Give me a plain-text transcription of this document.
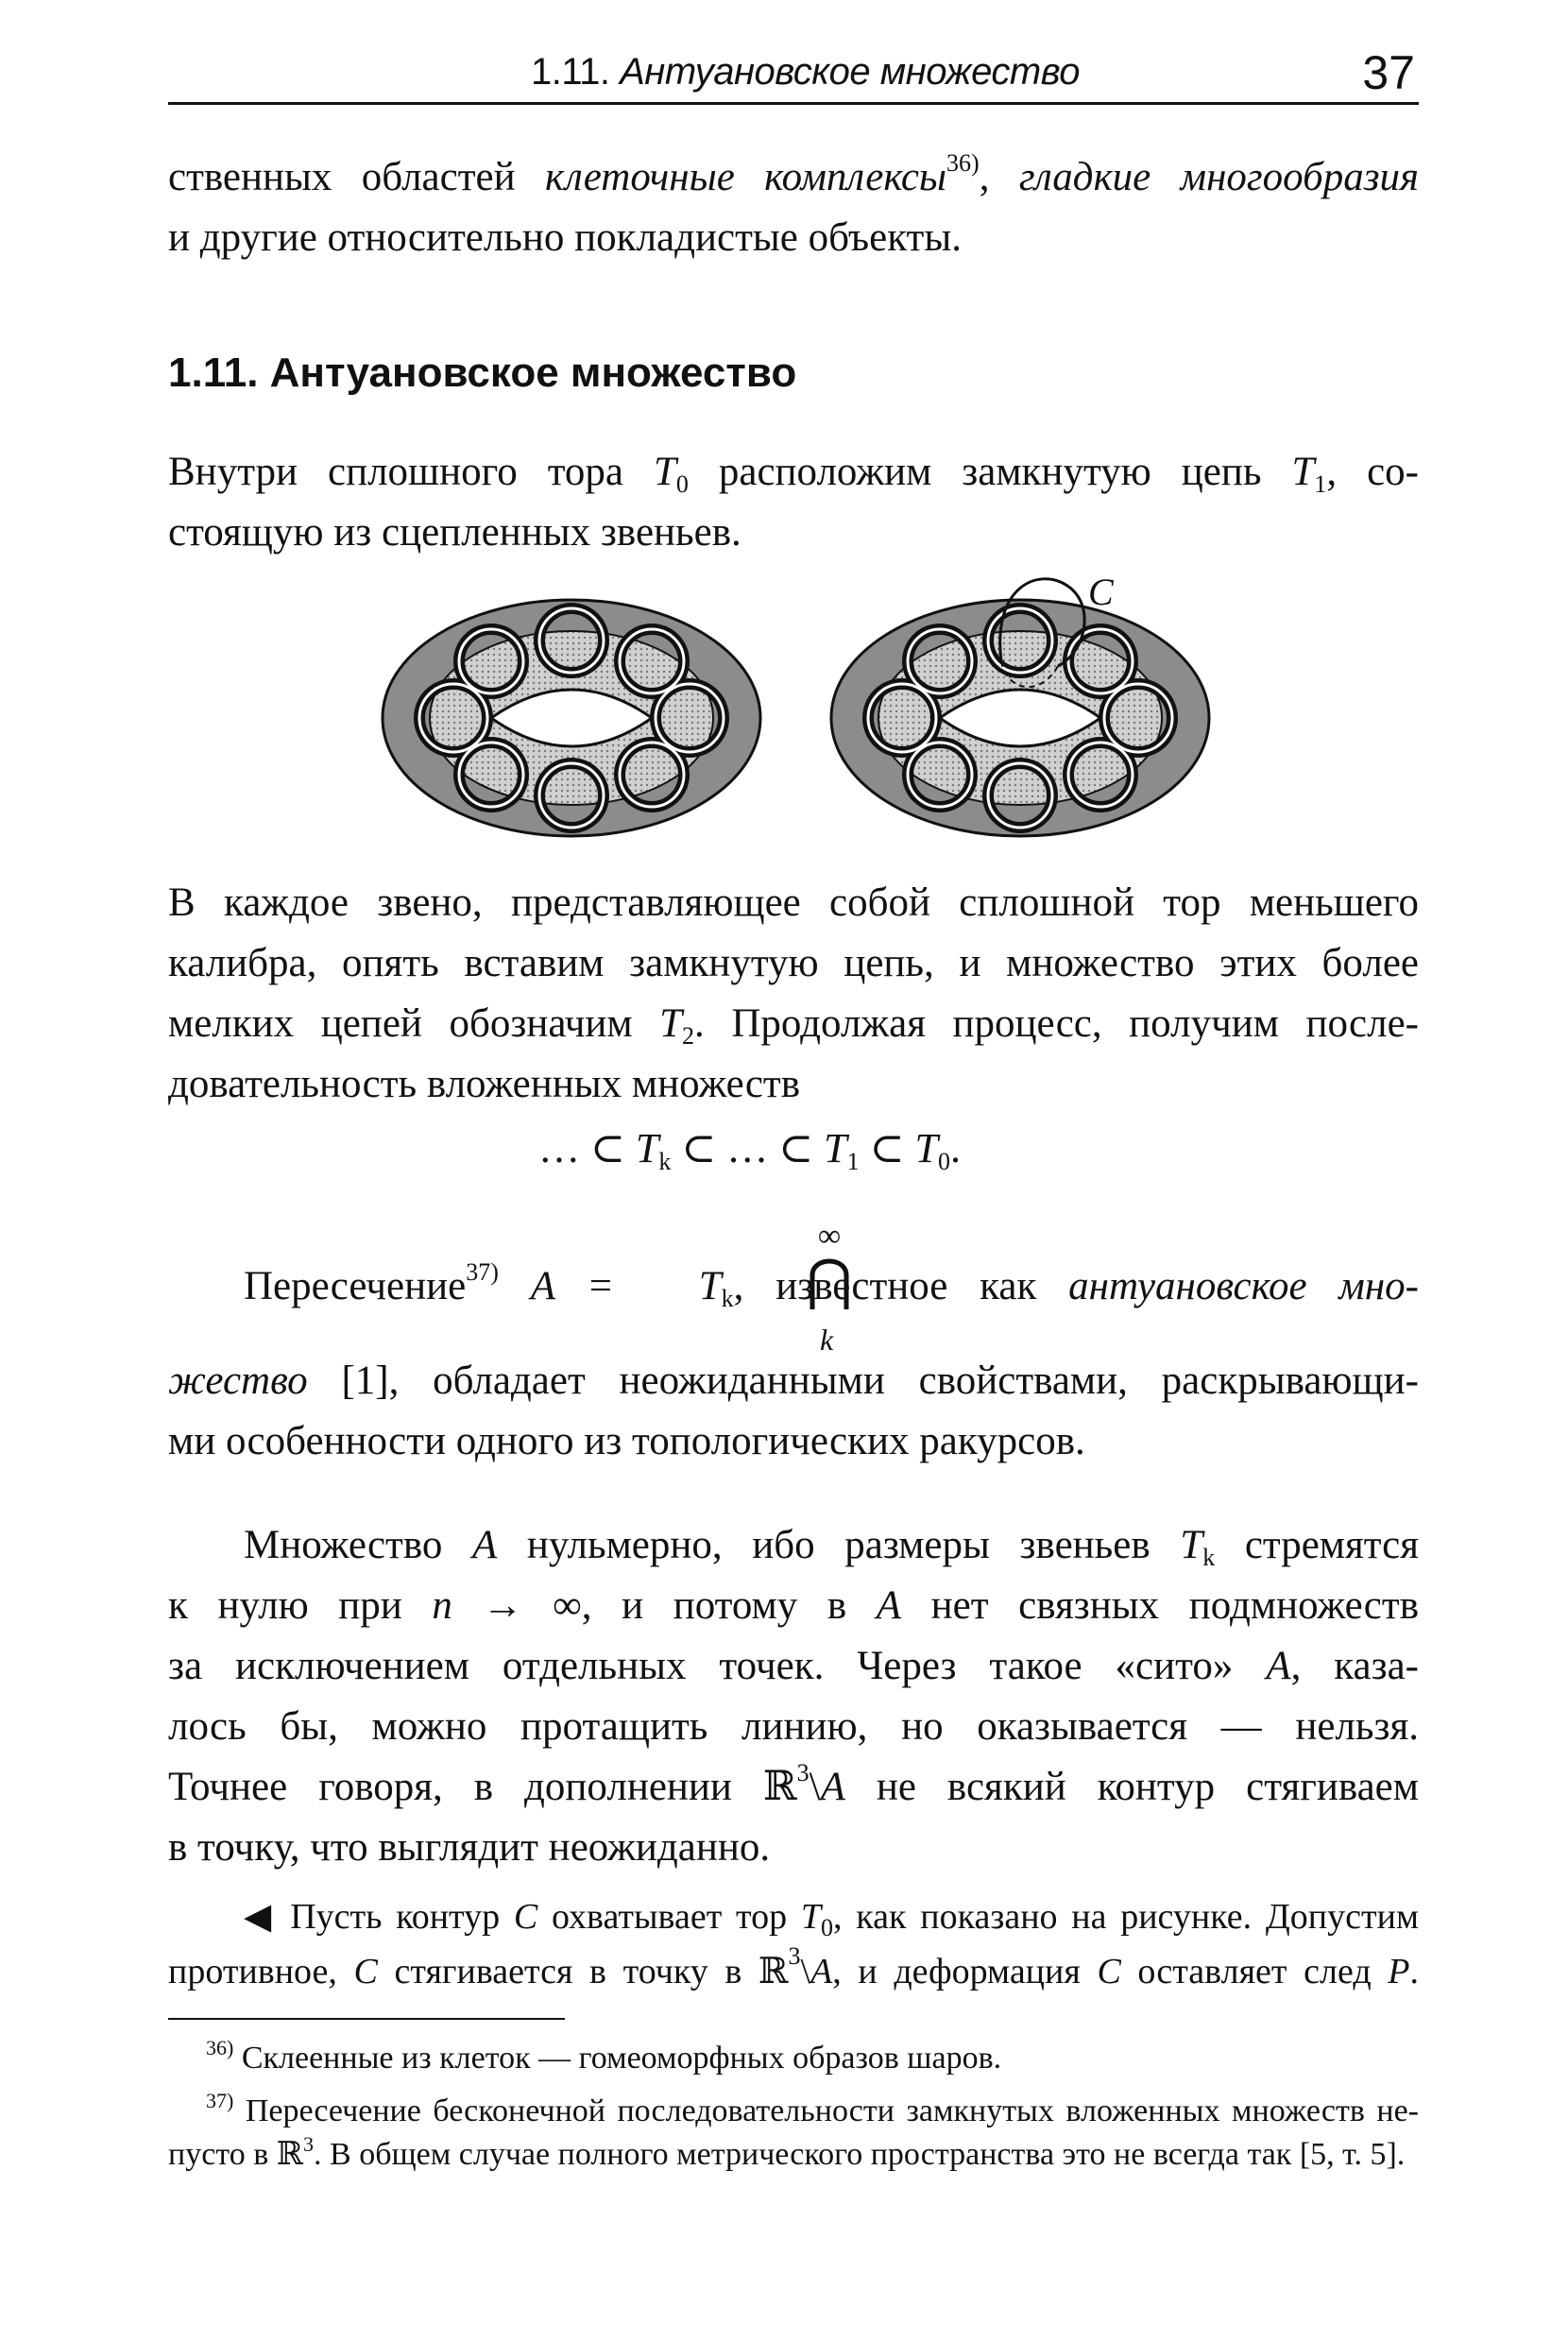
1.11. Антуановское множество	37
ственных областей клеточные комплексы$^{36)}$, гладкие многообразия
и другие относительно покладистые объекты.
1.11. Антуановское множество
Внутри сплошного тора $T_0$ расположим замкнутую цепь $T_1$, со-
стоящую из сцепленных звеньев.
C
В каждое звено, представляющее собой сплошной тор меньшего
калибра, опять вставим замкнутую цепь, и множество этих более
мелких цепей обозначим $T_2$. Продолжая процесс, получим после-
довательность вложенных множеств
… ⊂ $T_k$ ⊂ … ⊂ $T_1$ ⊂ $T_0$.
∞
k
Пересечение$^{37)}$ $A = T_k$, известное как антуановское мно-
жество [1], обладает неожиданными свойствами, раскрывающи-
ми особенности одного из топологических ракурсов.
Множество A нульмерно, ибо размеры звеньев $T_k$ стремятся
к нулю при n → ∞, и потому в A нет связных подмножеств
за исключением отдельных точек. Через такое «сито» A, каза-
лось бы, можно протащить линию, но оказывается — нельзя.
Точнее говоря, в дополнении ℝ$^3$\A не всякий контур стягиваем
в точку, что выглядит неожиданно.
◀ Пусть контур C охватывает тор $T_0$, как показано на рисунке. Допустим
противное, C стягивается в точку в ℝ$^3$\A, и деформация C оставляет след P.
$^{36)}$ Склеенные из клеток — гомеоморфных образов шаров.
$^{37)}$ Пересечение бесконечной последовательности замкнутых вложенных множеств не-
пусто в ℝ$^3$. В общем случае полного метрического пространства это не всегда так [5, т. 5].
